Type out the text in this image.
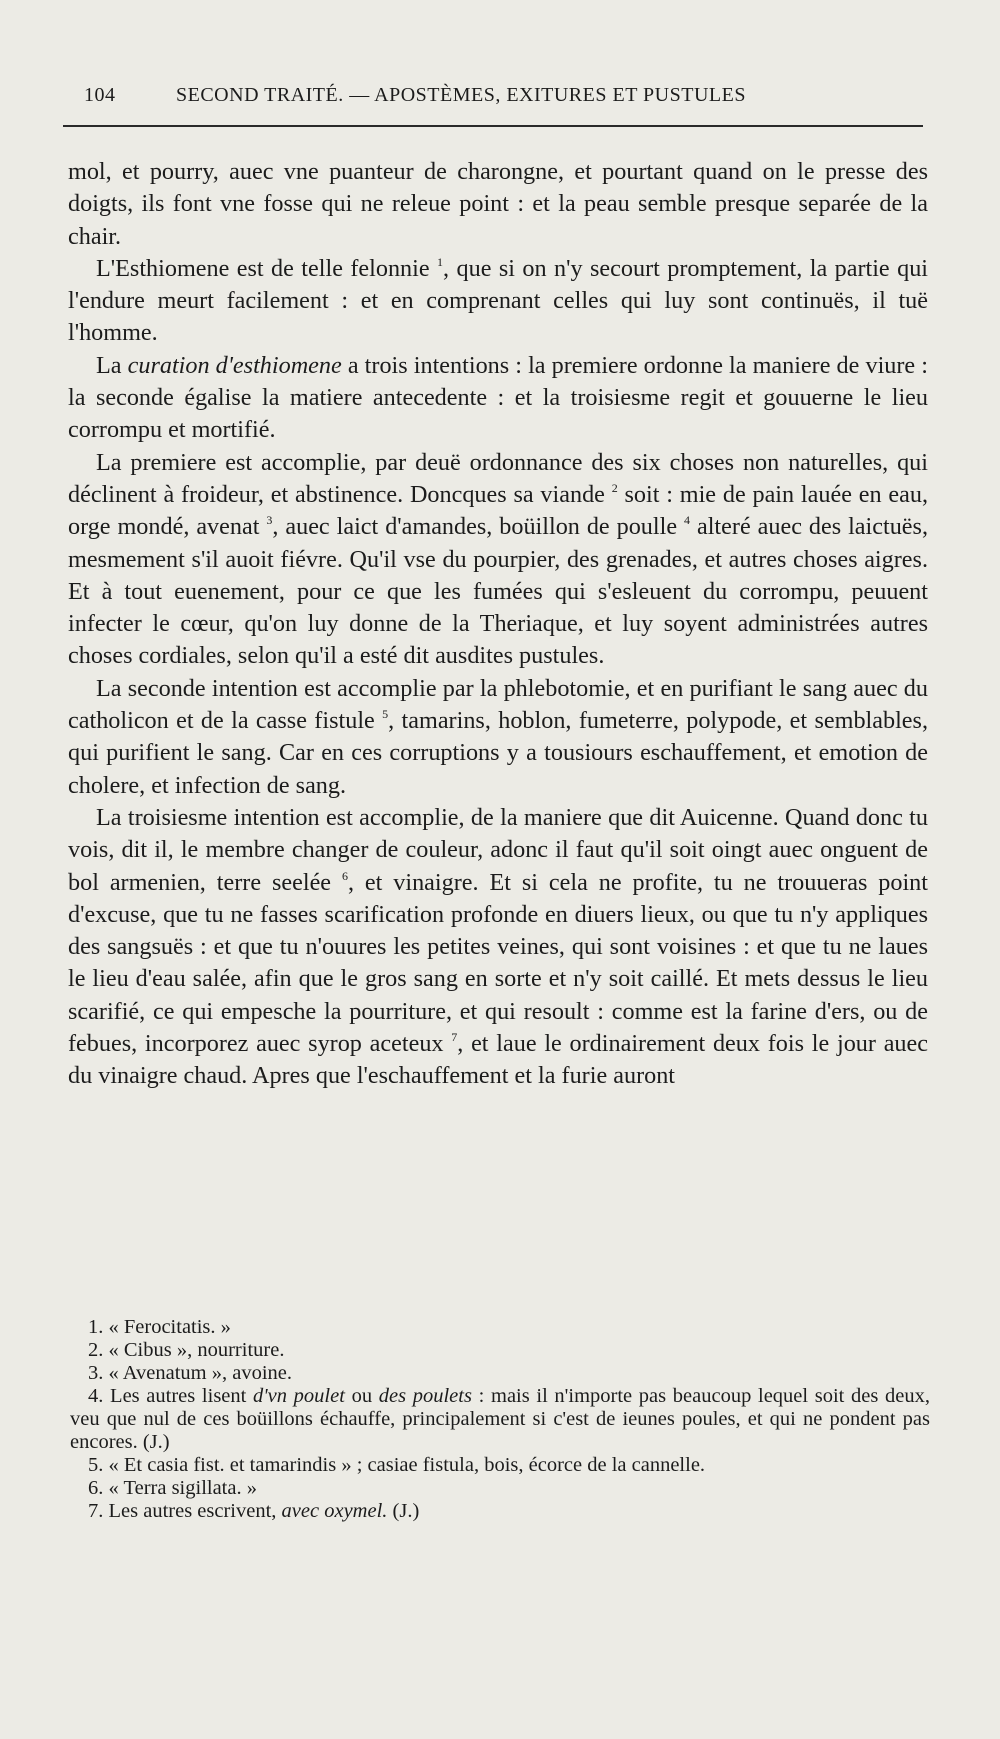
104	SECOND TRAITÉ. — APOSTÈMES, EXITURES ET PUSTULES

mol, et pourry, auec vne puanteur de charongne, et pourtant quand on le presse des doigts, ils font vne fosse qui ne releue point : et la peau semble presque separée de la chair.

L'Esthiomene est de telle felonnie $^1$, que si on n'y secourt promptement, la partie qui l'endure meurt facilement : et en comprenant celles qui luy sont continuës, il tuë l'homme.

La curation d'esthiomene a trois intentions : la premiere ordonne la maniere de viure : la seconde égalise la matiere antecedente : et la troisiesme regit et gouuerne le lieu corrompu et mortifié.

La premiere est accomplie, par deuë ordonnance des six choses non naturelles, qui déclinent à froideur, et abstinence. Doncques sa viande $^2$ soit : mie de pain lauée en eau, orge mondé, avenat $^3$, auec laict d'amandes, boüillon de poulle $^4$ alteré auec des laictuës, mesmement s'il auoit fiévre. Qu'il vse du pourpier, des grenades, et autres choses aigres. Et à tout euenement, pour ce que les fumées qui s'esleuent du corrompu, peuuent infecter le cœur, qu'on luy donne de la Theriaque, et luy soyent administrées autres choses cordiales, selon qu'il a esté dit ausdites pustules.

La seconde intention est accomplie par la phlebotomie, et en purifiant le sang auec du catholicon et de la casse fistule $^5$, tamarins, hoblon, fumeterre, polypode, et semblables, qui purifient le sang. Car en ces corruptions y a tousiours eschauffement, et emotion de cholere, et infection de sang.

La troisiesme intention est accomplie, de la maniere que dit Auicenne. Quand donc tu vois, dit il, le membre changer de couleur, adonc il faut qu'il soit oingt auec onguent de bol armenien, terre seelée $^6$, et vinaigre. Et si cela ne profite, tu ne trouueras point d'excuse, que tu ne fasses scarification profonde en diuers lieux, ou que tu n'y appliques des sangsuës : et que tu n'ouures les petites veines, qui sont voisines : et que tu ne laues le lieu d'eau salée, afin que le gros sang en sorte et n'y soit caillé. Et mets dessus le lieu scarifié, ce qui empesche la pourriture, et qui resoult : comme est la farine d'ers, ou de febues, incorporez auec syrop aceteux $^7$, et laue le ordinairement deux fois le jour auec du vinaigre chaud. Apres que l'eschauffement et la furie auront

1. « Ferocitatis. »

2. « Cibus », nourriture.

3. « Avenatum », avoine.

4. Les autres lisent d'vn poulet ou des poulets : mais il n'importe pas beaucoup lequel soit des deux, veu que nul de ces boüillons échauffe, principalement si c'est de ieunes poules, et qui ne pondent pas encores. (J.)

5. « Et casia fist. et tamarindis » ; casiae fistula, bois, écorce de la cannelle.

6. « Terra sigillata. »

7. Les autres escrivent, avec oxymel. (J.)
